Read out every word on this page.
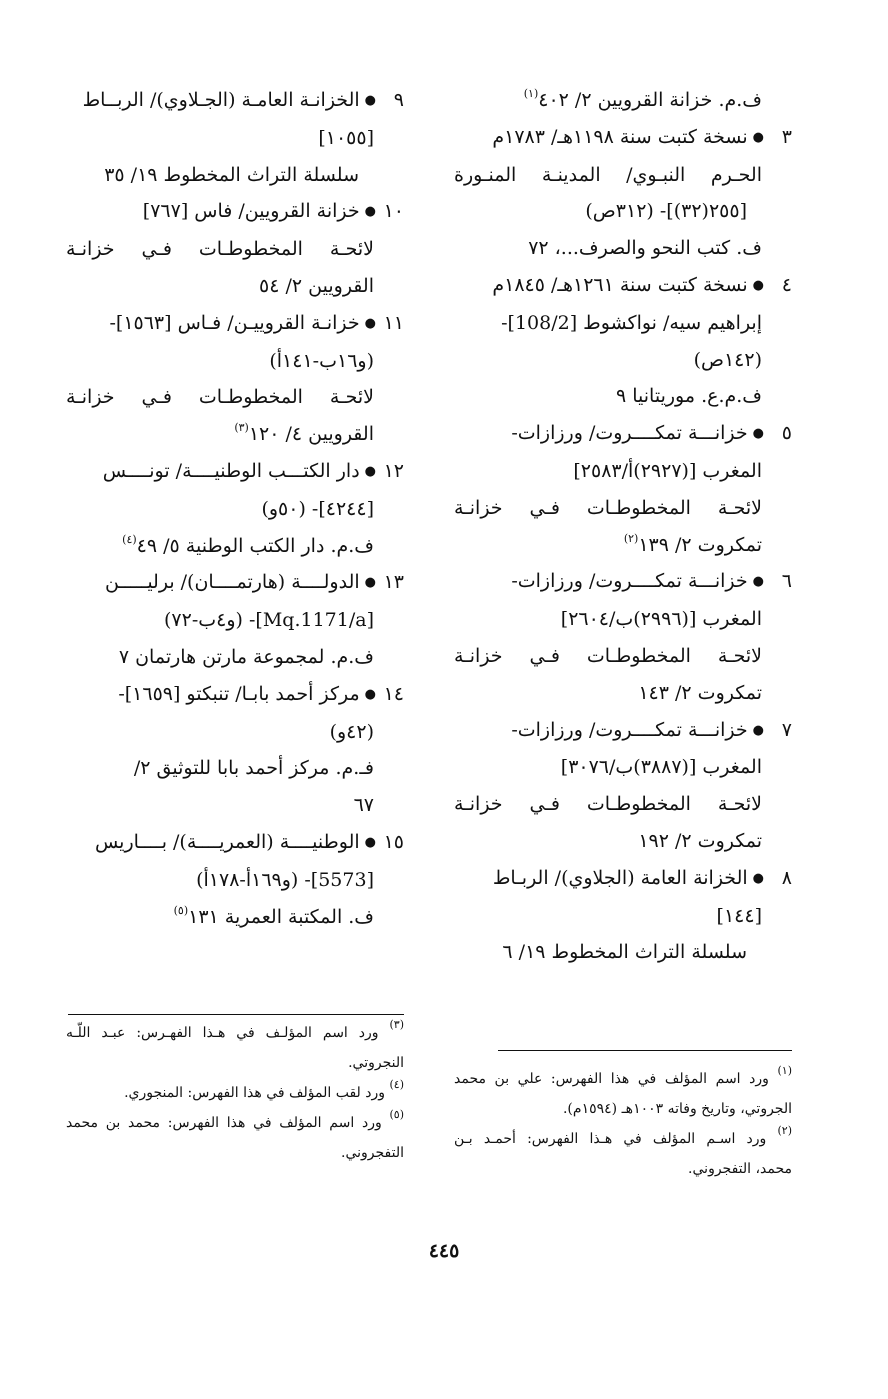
ف.م. خزانة القرويين ٢/ ٤٠٢$^{(١)}$
٣●نسخة كتبت سنة ١١٩٨هـ/ ١٧٨٣م
الحـرم النبـوي/ المدينـة المنـورة
[٢٥٥(٣٢)]- (٣١٢ص)
ف. كتب النحو والصرف...، ٧٢
٤●نسخة كتبت سنة ١٢٦١هـ/ ١٨٤٥م
إبراهيم سيه/ نواكشوط [108/2]-
(١٤٢ص)
ف.م.ع. موريتانيا ٩
٥●خزانـــة تمكــــروت/ ورزازات-
المغرب [(٢٩٢٧)أ/٢٥٨٣]
لائحـة المخطوطـات فـي خزانـة
تمكروت ٢/ ١٣٩$^{(٢)}$
٦●خزانـــة تمكــــروت/ ورزازات-
المغرب [(٢٩٩٦)ب/٢٦٠٤]
لائحـة المخطوطـات فـي خزانـة
تمكروت ٢/ ١٤٣
٧●خزانـــة تمكــــروت/ ورزازات-
المغرب [(٣٨٨٧)ب/٣٠٧٦]
لائحـة المخطوطـات فـي خزانـة
تمكروت ٢/ ١٩٢
٨●الخزانة العامة (الجلاوي)/ الربـاط
[١٤٤]
سلسلة التراث المخطوط ١٩/ ٦
٩●الخزانـة العامـة (الجـلاوي)/ الربــاط
[١٠٥٥]
سلسلة التراث المخطوط ١٩/ ٣٥
١٠●خزانة القرويين/ فاس [٧٦٧]
لائحـة المخطوطـات فـي خزانـة
القرويين ٢/ ٥٤
١١●خزانـة القروييـن/ فـاس [١٥٦٣]-
(و١٦ب-١٤١أ)
لائحـة المخطوطـات فـي خزانـة
القرويين ٤/ ١٢٠$^{(٣)}$
١٢●دار الكتـــب الوطنيــــة/ تونــــس
[٤٢٤٤]- (٥٠و)
ف.م. دار الكتب الوطنية ٥/ ٤٩$^{(٤)}$
١٣●الدولــــة (هارتمــــان)/ برليـــــن
[Mq.1171/a]- (و٤ب-٧٢)
ف.م. لمجموعة مارتن هارتمان ٧
١٤●مركز أحمد بابـا/ تنبكتو [١٦٥٩]-
(٤٢و)
فـ.م. مركز أحمد بابا للتوثيق ٢/
٦٧
١٥●الوطنيــــة (العمريــــة)/ بــــاريس
[5573]- (و١٦٩أ-١٧٨أ)
ف. المكتبة العمرية ١٣١$^{(٥)}$

$^{(١)}$ ورد اسم المؤلف في هذا الفهرس: علي بن محمد

الجروتي، وتاريخ وفاته ١٠٠٣هـ (١٥٩٤م).

$^{(٢)}$ ورد اسـم المؤلف في هـذا الفهرس: أحمـد بـن

محمد، التفجروني.

$^{(٣)}$ ورد اسم المؤلـف في هـذا الفهـرس: عبـد اللّـه

النجروتي.

$^{(٤)}$ ورد لقب المؤلف في هذا الفهرس: المنجوري.

$^{(٥)}$ ورد اسم المؤلف في هذا الفهرس: محمد بن محمد

التفجروني.

٤٤٥
